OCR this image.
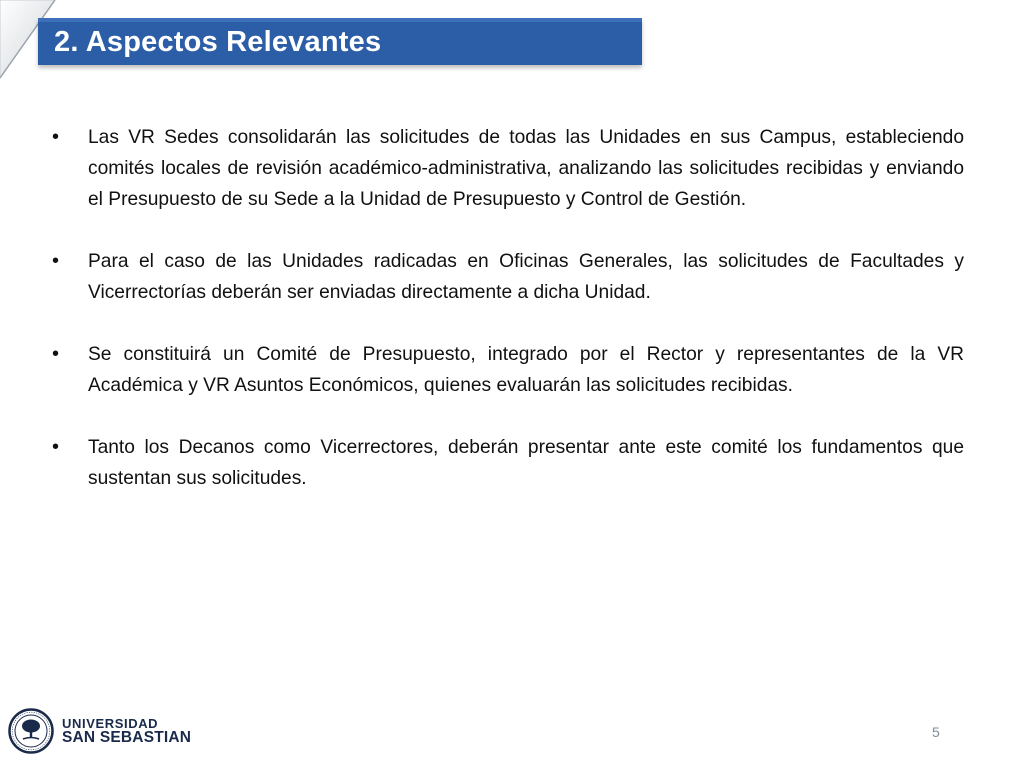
2. Aspectos Relevantes
•	Las VR Sedes consolidarán las solicitudes de todas las Unidades en sus Campus, estableciendo comités locales de revisión académico-administrativa, analizando las solicitudes recibidas y enviando el Presupuesto de su Sede a la Unidad de Presupuesto y Control de Gestión.
•	Para el caso de las Unidades radicadas en Oficinas Generales, las solicitudes de Facultades y Vicerrectorías deberán ser enviadas directamente a dicha Unidad.
•	Se constituirá un Comité de Presupuesto, integrado por el Rector y representantes de la VR Académica y VR Asuntos Económicos, quienes evaluarán las solicitudes recibidas.
•	Tanto los Decanos como Vicerrectores, deberán presentar ante este comité los fundamentos que sustentan sus solicitudes.
UNIVERSIDAD
SAN SEBASTIAN	5
